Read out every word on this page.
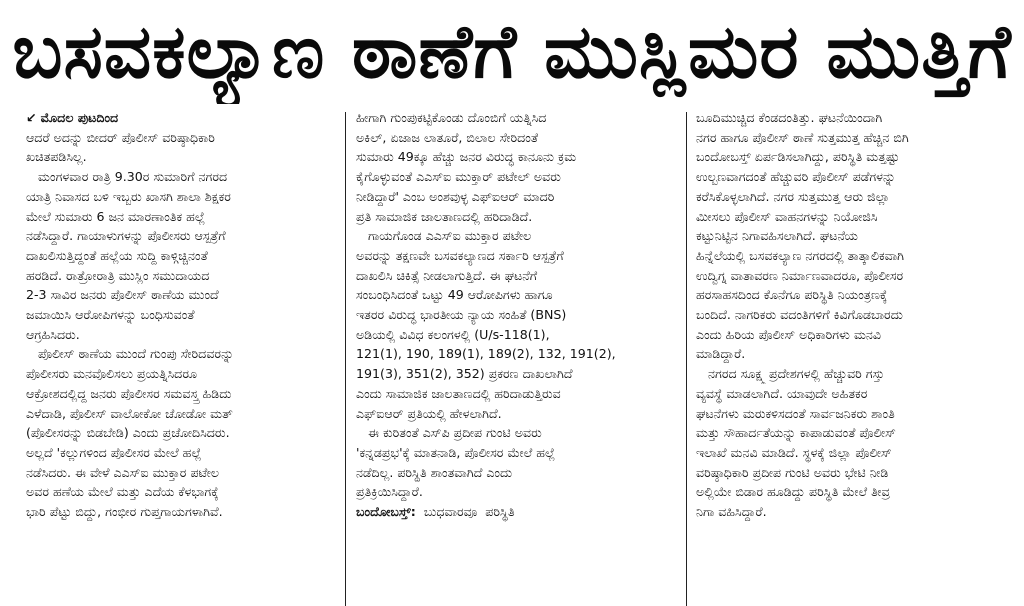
ಬಸವಕಲ್ಯಾಣ ಠಾಣೆಗೆ ಮುಸ್ಲಿಮರ ಮುತ್ತಿಗೆ
↙ ಮೊದಲ ಪುಟದಿಂದ
ಆದರೆ ಅದನ್ನು ಬೀದರ್ ಪೊಲೀಸ್ ವರಿಷ್ಠಾಧಿಕಾರಿ
ಖಚಿತಪಡಿಸಿಲ್ಲ.
ಮಂಗಳವಾರ ರಾತ್ರಿ 9.30ರ ಸುಮಾರಿಗೆ ನಗರದ
ಯಾತ್ರಿ ನಿವಾಸದ ಬಳಿ ಇಬ್ಬರು ಖಾಸಗಿ ಶಾಲಾ ಶಿಕ್ಷಕರ
ಮೇಲೆ ಸುಮಾರು 6 ಜನ ಮಾರಣಾಂತಿಕ ಹಲ್ಲೆ
ನಡೆಸಿದ್ದಾರೆ. ಗಾಯಾಳುಗಳನ್ನು ಪೊಲೀಸರು ಆಸ್ಪತ್ರೆಗೆ
ದಾಖಲಿಸುತ್ತಿದ್ದಂತೆ ಹಲ್ಲೆಯ ಸುದ್ದಿ ಕಾಳ್ಗಿಚ್ಚಿನಂತೆ
ಹರಡಿದೆ. ರಾತ್ರೋರಾತ್ರಿ ಮುಸ್ಲಿಂ ಸಮುದಾಯದ
2-3 ಸಾವಿರ ಜನರು ಪೊಲೀಸ್ ಠಾಣೆಯ ಮುಂದೆ
ಜಮಾಯಿಸಿ ಆರೋಪಿಗಳನ್ನು ಬಂಧಿಸುವಂತೆ
ಆಗ್ರಹಿಸಿದರು.
ಪೊಲೀಸ್ ಠಾಣೆಯ ಮುಂದೆ ಗುಂಪು ಸೇರಿದವರನ್ನು
ಪೊಲೀಸರು ಮನವೊಲಿಸಲು ಪ್ರಯತ್ನಿಸಿದರೂ
ಆಕ್ರೋಶದಲ್ಲಿದ್ದ ಜನರು ಪೊಲೀಸರ ಸಮವಸ್ತ್ರ ಹಿಡಿದು
ಎಳೆದಾಡಿ, ಪೊಲೀಸ್ ವಾಲೋಕೋ ಚೋಡೋ ಮತ್
(ಪೊಲೀಸರನ್ನು ಬಿಡಬೇಡಿ) ಎಂದು ಪ್ರಚೋದಿಸಿದರು.
ಅಲ್ಲದೆ 'ಕಲ್ಲುಗಳಿಂದ ಪೊಲೀಸರ ಮೇಲೆ ಹಲ್ಲೆ
ನಡೆಸಿದರು. ಈ ವೇಳೆ ಎಎಸ್‌ಐ ಮುಕ್ತಾರ ಪಟೇಲ
ಅವರ ಹಣೆಯ ಮೇಲೆ ಮತ್ತು ಎದೆಯ ಕೆಳಭಾಗಕ್ಕೆ
ಭಾರಿ ಪೆಟ್ಟು ಬಿದ್ದು, ಗಂಭೀರ ಗುಪ್ತಗಾಯಗಳಾಗಿವೆ.
ಹೀಗಾಗಿ ಗುಂಪುಕಟ್ಟಿಕೊಂಡು ದೊಂಬಿಗೆ ಯತ್ನಿಸಿದ
ಅಕಿಲ್, ಏಜಾಜ ಲಾತೂರೆ, ಬಿಲಾಲ ಸೇರಿದಂತೆ
ಸುಮಾರು 49ಕ್ಕೂ ಹೆಚ್ಚು ಜನರ ವಿರುದ್ಧ ಕಾನೂನು ಕ್ರಮ
ಕೈಗೊಳ್ಳುವಂತೆ ಎಎಸ್‌ಐ ಮುಕ್ತಾರ್ ಪಟೇಲ್ ಅವರು
ನೀಡಿದ್ದಾರೆ' ಎಂಬ ಅಂಶವುಳ್ಳ ಎಫ್‌ಐಆರ್ ಮಾದರಿ
ಪ್ರತಿ ಸಾಮಾಜಿಕ ಜಾಲತಾಣದಲ್ಲಿ ಹರಿದಾಡಿದೆ.
ಗಾಯಗೊಂಡ ಎಎಸ್‌ಐ ಮುಕ್ತಾರ ಪಟೇಲ
ಅವರನ್ನು ತಕ್ಷಣವೇ ಬಸವಕಲ್ಯಾಣದ ಸರ್ಕಾರಿ ಆಸ್ಪತ್ರೆಗೆ
ದಾಖಲಿಸಿ ಚಿಕಿತ್ಸೆ ನೀಡಲಾಗುತ್ತಿದೆ. ಈ ಘಟನೆಗೆ
ಸಂಬಂಧಿಸಿದಂತೆ ಒಟ್ಟು 49 ಆರೋಪಿಗಳು ಹಾಗೂ
ಇತರರ ವಿರುದ್ಧ ಭಾರತೀಯ ನ್ಯಾಯ ಸಂಹಿತೆ (BNS)
ಅಡಿಯಲ್ಲಿ ವಿವಿಧ ಕಲಂಗಳಲ್ಲಿ (U/s-118(1),
121(1), 190, 189(1), 189(2), 132, 191(2),
191(3), 351(2), 352) ಪ್ರಕರಣ ದಾಖಲಾಗಿದೆ
ಎಂದು ಸಾಮಾಜಿಕ ಜಾಲತಾಣದಲ್ಲಿ ಹರಿದಾಡುತ್ತಿರುವ
ಎಫ್‌ಐಆರ್ ಪ್ರತಿಯಲ್ಲಿ ಹೇಳಲಾಗಿದೆ.
ಈ ಕುರಿತಂತೆ ಎಸ್‌ಪಿ ಪ್ರದೀಪ ಗುಂಟಿ ಅವರು
'ಕನ್ನಡಪ್ರಭ'ಕ್ಕೆ ಮಾತನಾಡಿ, ಪೊಲೀಸರ ಮೇಲೆ ಹಲ್ಲೆ
ನಡೆದಿಲ್ಲ. ಪರಿಸ್ಥಿತಿ ಶಾಂತವಾಗಿದೆ ಎಂದು
ಪ್ರತಿಕ್ರಿಯಿಸಿದ್ದಾರೆ.
ಬಂದೋಬಸ್ತ್:  ಬುಧವಾರವೂ  ಪರಿಸ್ಥಿತಿ
ಬೂದಿಮುಚ್ಚಿದ ಕೆಂಡದಂತಿತ್ತು. ಘಟನೆಯಿಂದಾಗಿ
ನಗರ ಹಾಗೂ ಪೊಲೀಸ್ ಠಾಣೆ ಸುತ್ತಮುತ್ತ ಹೆಚ್ಚಿನ ಬಿಗಿ
ಬಂದೋಬಸ್ತ್ ಏರ್ಪಡಿಸಲಾಗಿದ್ದು, ಪರಿಸ್ಥಿತಿ ಮತ್ತಷ್ಟು
ಉಲ್ಬಣವಾಗದಂತೆ ಹೆಚ್ಚುವರಿ ಪೊಲೀಸ್ ಪಡೆಗಳನ್ನು
ಕರೆಸಿಕೊಳ್ಳಲಾಗಿದೆ. ನಗರ ಸುತ್ತಮುತ್ತ ಆರು ಜಿಲ್ಲಾ
ಮೀಸಲು ಪೊಲೀಸ್ ವಾಹನಗಳನ್ನು ನಿಯೋಜಿಸಿ
ಕಟ್ಟುನಿಟ್ಟಿನ ನಿಗಾವಹಿಸಲಾಗಿದೆ. ಘಟನೆಯ
ಹಿನ್ನೆಲೆಯಲ್ಲಿ ಬಸವಕಲ್ಯಾಣ ನಗರದಲ್ಲಿ ತಾತ್ಕಾಲಿಕವಾಗಿ
ಉದ್ವಿಗ್ನ ವಾತಾವರಣ ನಿರ್ಮಾಣವಾದರೂ, ಪೊಲೀಸರ
ಹರಸಾಹಸದಿಂದ ಕೊನೆಗೂ ಪರಿಸ್ಥಿತಿ ನಿಯಂತ್ರಣಕ್ಕೆ
ಬಂದಿದೆ. ನಾಗರಿಕರು ವದಂತಿಗಳಿಗೆ ಕಿವಿಗೊಡಬಾರದು
ಎಂದು ಹಿರಿಯ ಪೊಲೀಸ್ ಅಧಿಕಾರಿಗಳು ಮನವಿ
ಮಾಡಿದ್ದಾರೆ.
ನಗರದ ಸೂಕ್ಷ್ಮ ಪ್ರದೇಶಗಳಲ್ಲಿ ಹೆಚ್ಚುವರಿ ಗಸ್ತು
ವ್ಯವಸ್ಥೆ ಮಾಡಲಾಗಿದೆ. ಯಾವುದೇ ಅಹಿತಕರ
ಘಟನೆಗಳು ಮರುಕಳಿಸದಂತೆ ಸಾರ್ವಜನಿಕರು ಶಾಂತಿ
ಮತ್ತು ಸೌಹಾರ್ದತೆಯನ್ನು ಕಾಪಾಡುವಂತೆ ಪೊಲೀಸ್
ಇಲಾಖೆ ಮನವಿ ಮಾಡಿದೆ. ಸ್ಥಳಕ್ಕೆ ಜಿಲ್ಲಾ ಪೊಲೀಸ್
ವರಿಷ್ಠಾಧಿಕಾರಿ ಪ್ರದೀಪ ಗುಂಟಿ ಅವರು ಭೇಟಿ ನೀಡಿ
ಅಲ್ಲಿಯೇ ಬಿಡಾರ ಹೂಡಿದ್ದು ಪರಿಸ್ಥಿತಿ ಮೇಲೆ ತೀವ್ರ
ನಿಗಾ ವಹಿಸಿದ್ದಾರೆ.
